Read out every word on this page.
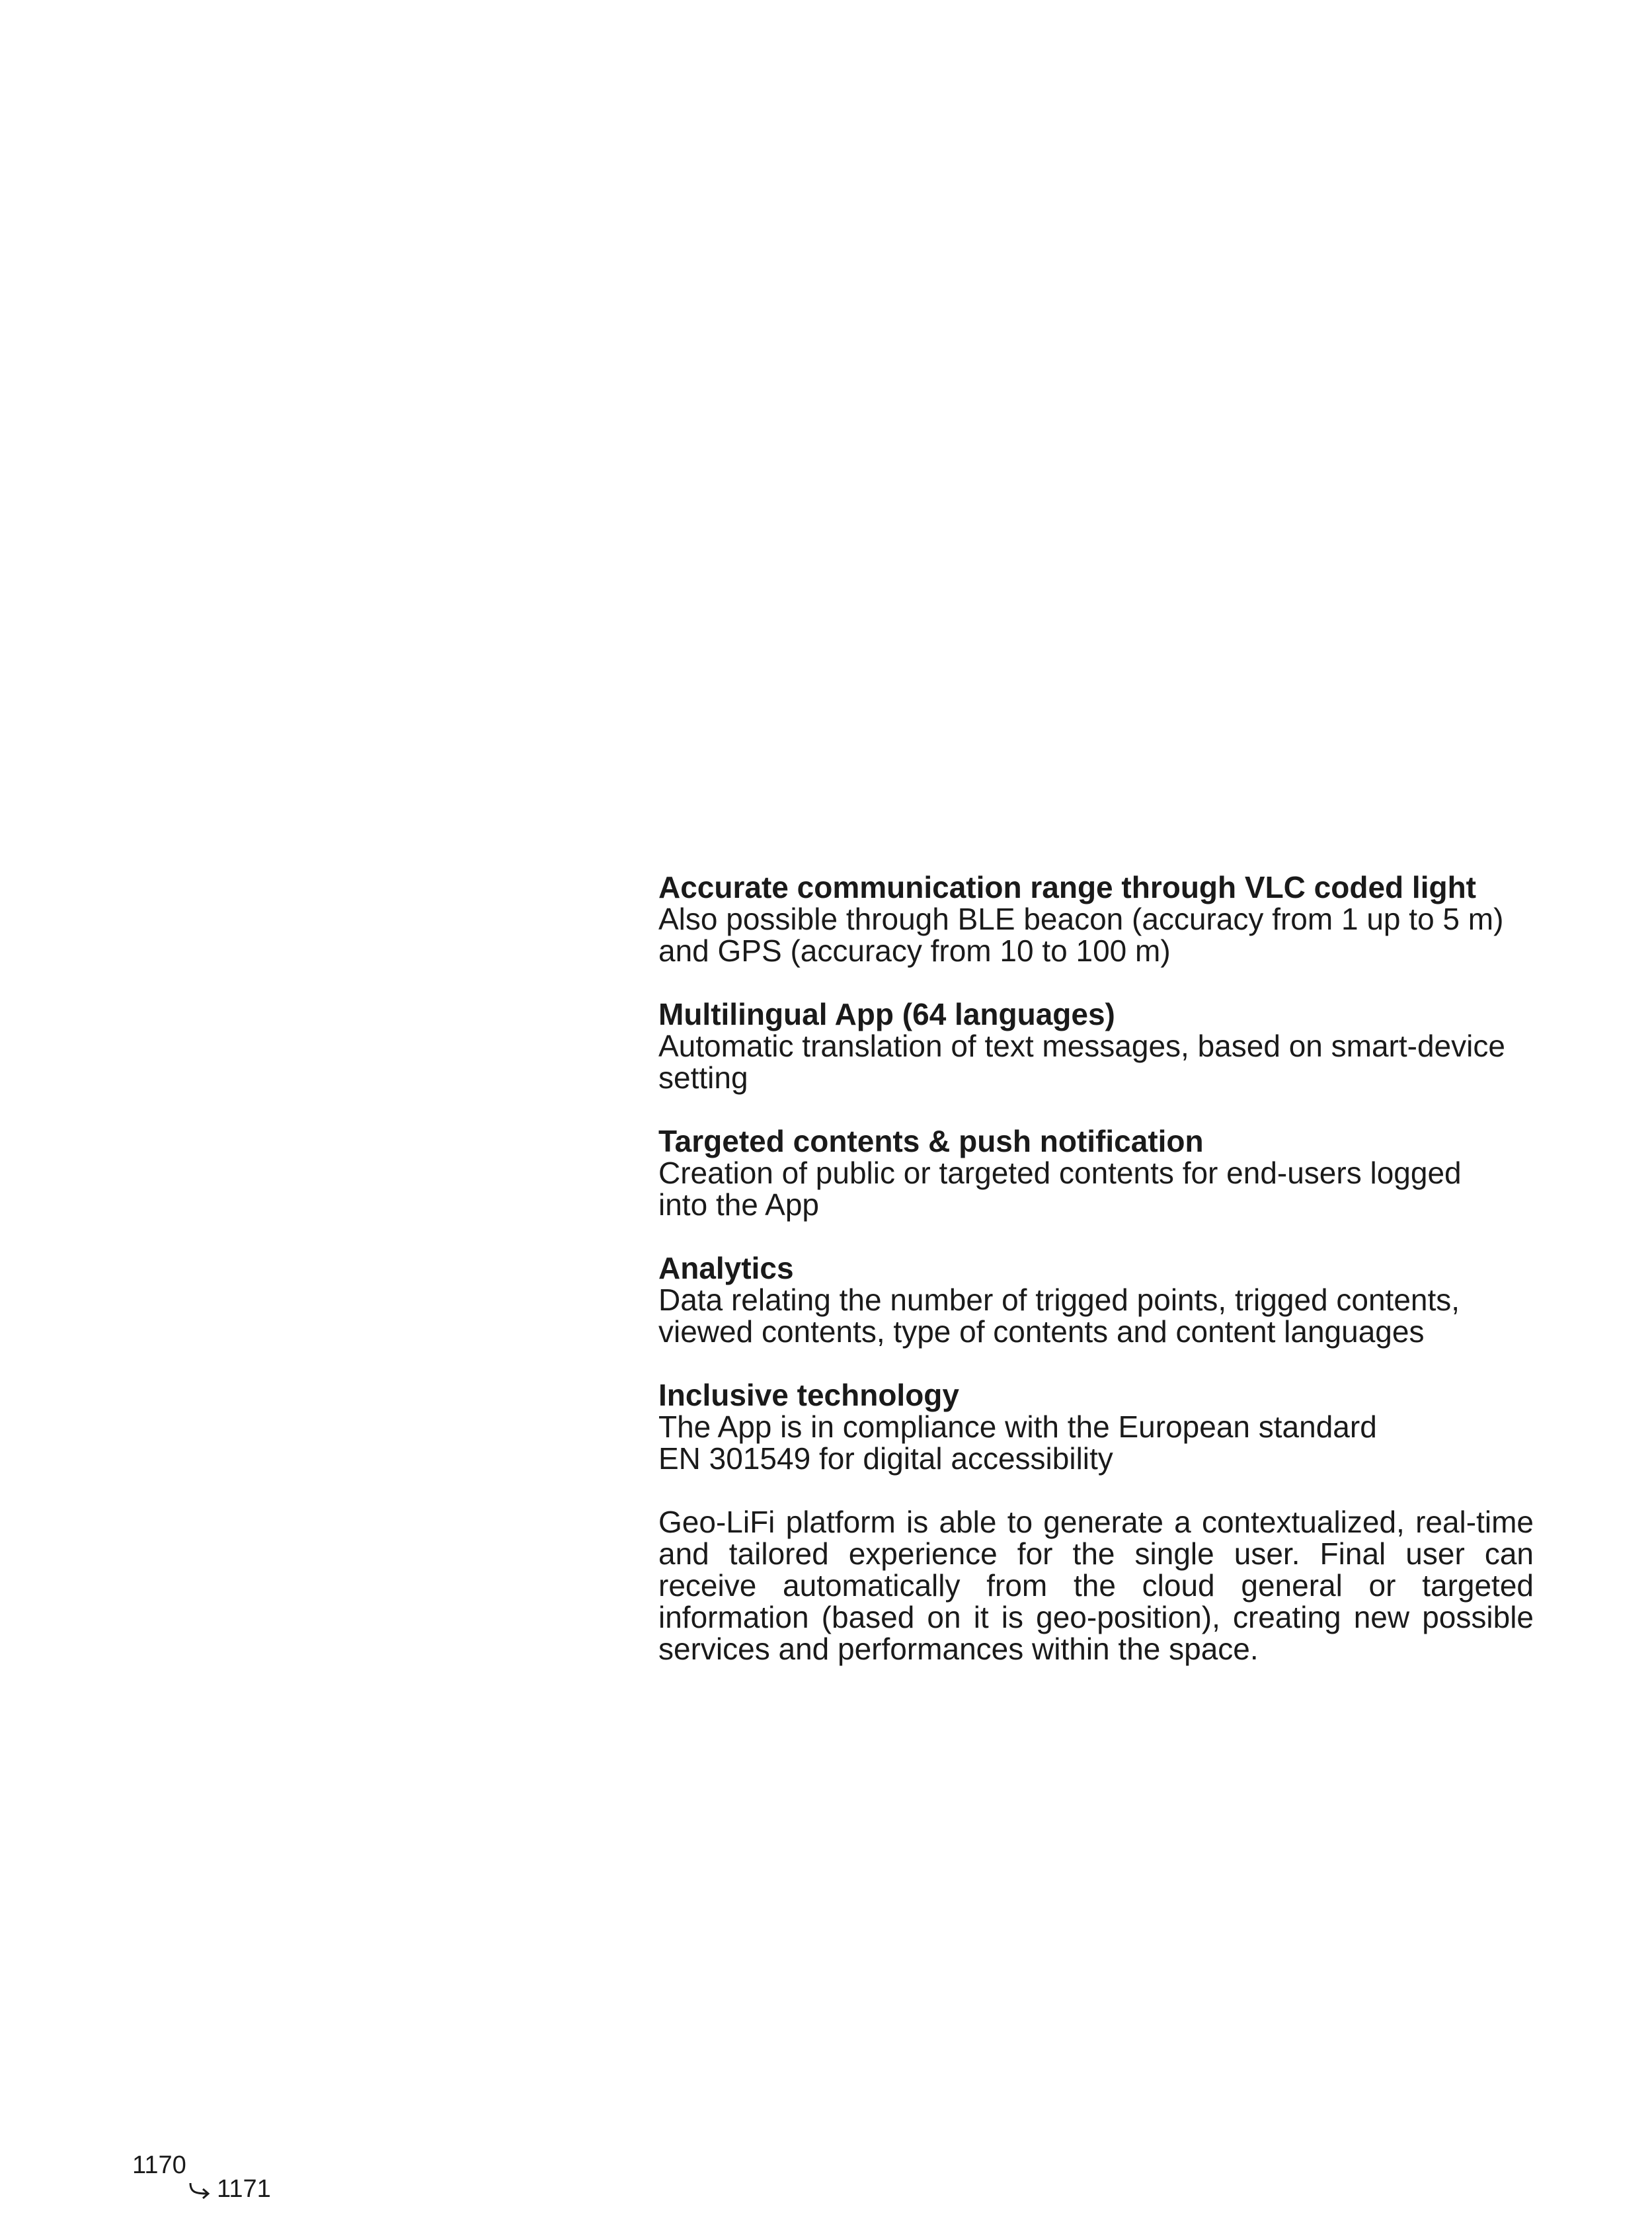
Accurate communication range through VLC coded light

Also possible through BLE beacon (accuracy from 1 up to 5 m)
and GPS (accuracy from 10 to 100 m)

Multilingual App (64 languages)

Automatic translation of text messages, based on smart-device
setting

Targeted contents & push notification

Creation of public or targeted contents for end-users logged
into the App

Analytics

Data relating the number of trigged points, trigged contents,
viewed contents, type of contents and content languages

Inclusive technology

The App is in compliance with the European standard
EN 301549 for digital accessibility

Geo-LiFi platform is able to generate a contextualized, real-time and tailored experience for the single user. Final user can receive automatically from the cloud general or targeted information (based on it is geo-position), creating new possible services and performances within the space.

1170
1171
